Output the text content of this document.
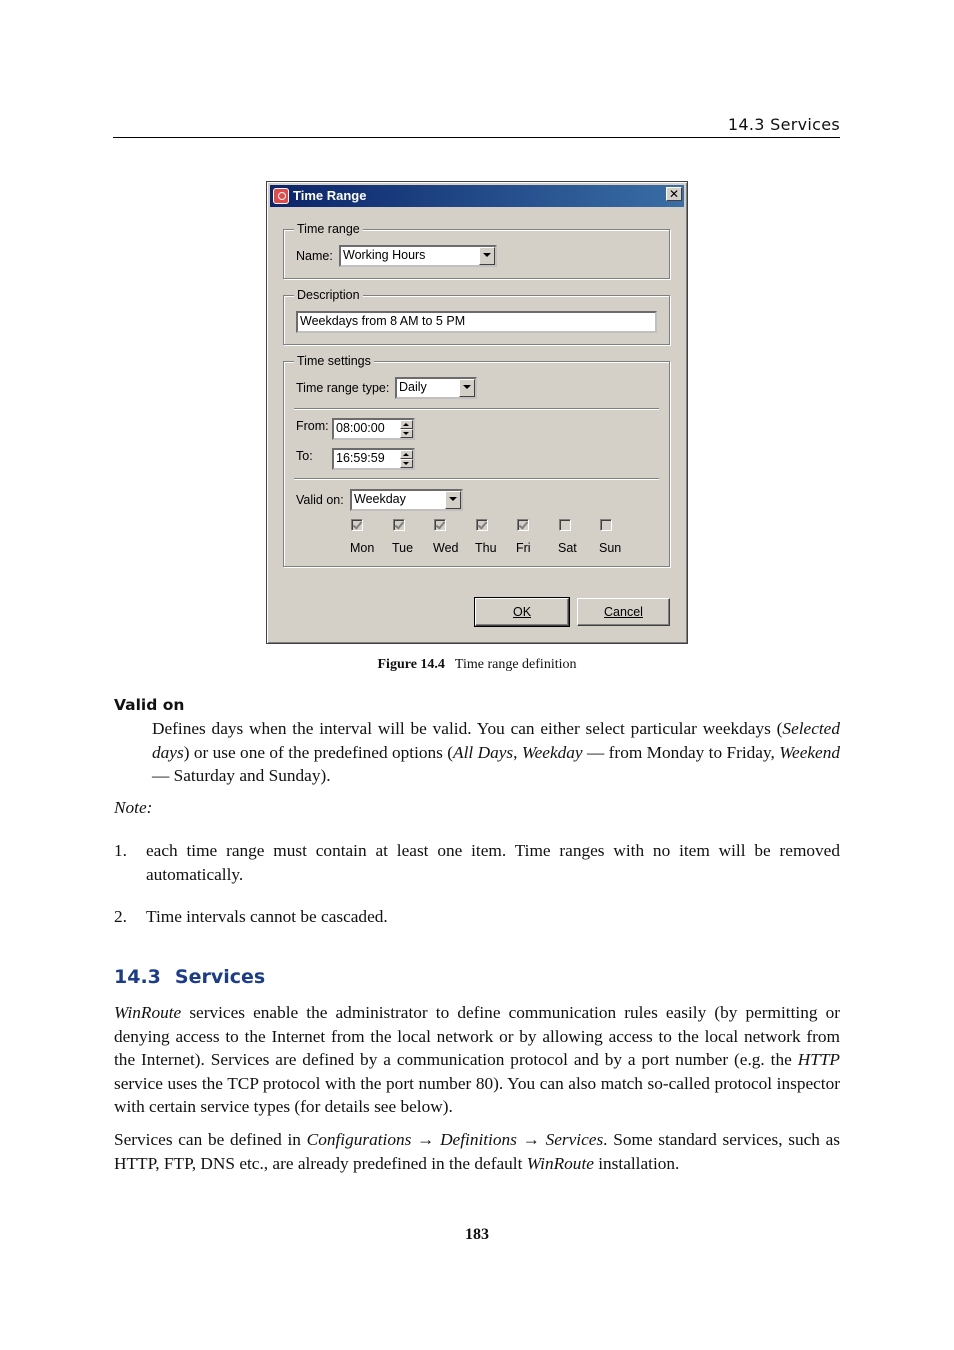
14.3 Services
Time Range	✕
Time range
Name: Working Hours
Description
Weekdays from 8 AM to 5 PM
Time settings
Time range type: Daily
From: 08:00:00
To:	16:59:59
Valid on: Weekday
Mon Tue Wed Thu Fri Sat Sun
OK	Cancel
Figure 14.4 Time range definition
Valid on
Defines days when the interval will be valid. You can either select particular weekdays (Selected days) or use one of the predefined options (All Days, Weekday — from Monday to Friday, Weekend — Saturday and Sunday).
Note:
1. each time range must contain at least one item. Time ranges with no item will be removed automatically.
2. Time intervals cannot be cascaded.
14.3 Services
WinRoute services enable the administrator to define communication rules easily (by permitting or denying access to the Internet from the local network or by allowing access to the local network from the Internet). Services are defined by a communication protocol and by a port number (e.g. the HTTP service uses the TCP protocol with the port number 80). You can also match so-called protocol inspector with certain service types (for details see below).
Services can be defined in Configurations → Definitions → Services. Some standard services, such as HTTP, FTP, DNS etc., are already predefined in the default WinRoute installation.
183
